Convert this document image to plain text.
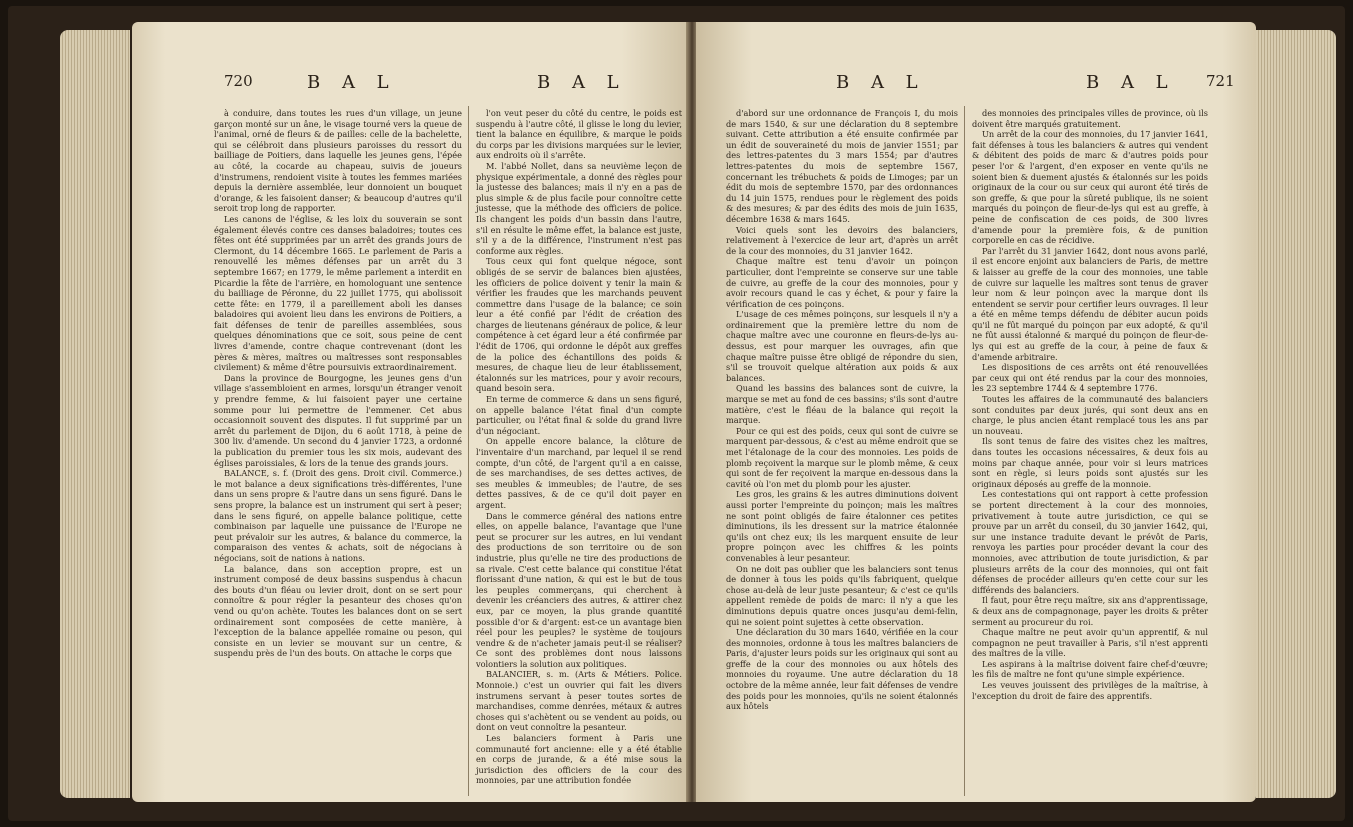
720	B A L	B A L

à conduire, dans toutes les rues d'un village, un jeune garçon monté sur un âne, le visage tourné vers la queue de l'animal, orné de fleurs & de pailles: celle de la bachelette, qui se célébroit dans plusieurs paroisses du ressort du bailliage de Poitiers, dans laquelle les jeunes gens, l'épée au côté, la cocarde au chapeau, suivis de joueurs d'instrumens, rendoient visite à toutes les femmes mariées depuis la dernière assemblée, leur donnoient un bouquet d'orange, & les faisoient danser; & beaucoup d'autres qu'il seroit trop long de rapporter.

Les canons de l'église, & les loix du souverain se sont également élevés contre ces danses baladoires; toutes ces fêtes ont été supprimées par un arrêt des grands jours de Clermont, du 14 décembre 1665. Le parlement de Paris a renouvellé les mêmes défenses par un arrêt du 3 septembre 1667; en 1779, le même parlement a interdit en Picardie la fête de l'arrière, en homologuant une sentence du bailliage de Péronne, du 22 juillet 1775, qui abolissoit cette fête: en 1779, il a pareillement aboli les danses baladoires qui avoient lieu dans les environs de Poitiers, a fait défenses de tenir de pareilles assemblées, sous quelques dénominations que ce soit, sous peine de cent livres d'amende, contre chaque contrevenant (dont les pères & mères, maîtres ou maîtresses sont responsables civilement) & même d'être poursuivis extraordinairement.

Dans la province de Bourgogne, les jeunes gens d'un village s'assembloient en armes, lorsqu'un étranger venoit y prendre femme, & lui faisoient payer une certaine somme pour lui permettre de l'emmener. Cet abus occasionnoit souvent des disputes. Il fut supprimé par un arrêt du parlement de Dijon, du 6 août 1718, à peine de 300 liv. d'amende. Un second du 4 janvier 1723, a ordonné la publication du premier tous les six mois, audevant des églises paroissiales, & lors de la tenue des grands jours.

BALANCE, s. f. (Droit des gens. Droit civil. Commerce.) le mot balance a deux significations très-différentes, l'une dans un sens propre & l'autre dans un sens figuré. Dans le sens propre, la balance est un instrument qui sert à peser; dans le sens figuré, on appelle balance politique, cette combinaison par laquelle une puissance de l'Europe ne peut prévaloir sur les autres, & balance du commerce, la comparaison des ventes & achats, soit de négocians à négocians, soit de nations à nations.

La balance, dans son acception propre, est un instrument composé de deux bassins suspendus à chacun des bouts d'un fléau ou levier droit, dont on se sert pour connoître & pour régler la pesanteur des choses qu'on vend ou qu'on achète. Toutes les balances dont on se sert ordinairement sont composées de cette manière, à l'exception de la balance appellée romaine ou peson, qui consiste en un levier se mouvant sur un centre, & suspendu près de l'un des bouts. On attache le corps que

l'on veut peser du côté du centre, le poids est suspendu à l'autre côté, il glisse le long du levier, tient la balance en équilibre, & marque le poids du corps par les divisions marquées sur le levier, aux endroits où il s'arrête.

M. l'abbé Nollet, dans sa neuvième leçon de physique expérimentale, a donné des règles pour la justesse des balances; mais il n'y en a pas de plus simple & de plus facile pour connoître cette justesse, que la méthode des officiers de police. Ils changent les poids d'un bassin dans l'autre, s'il en résulte le même effet, la balance est juste, s'il y a de la différence, l'instrument n'est pas conforme aux règles.

Tous ceux qui font quelque négoce, sont obligés de se servir de balances bien ajustées, les officiers de police doivent y tenir la main & vérifier les fraudes que les marchands peuvent commettre dans l'usage de la balance; ce soin leur a été confié par l'édit de création des charges de lieutenans généraux de police, & leur compétence à cet égard leur a été confirmée par l'édit de 1706, qui ordonne le dépôt aux greffes de la police des échantillons des poids & mesures, de chaque lieu de leur établissement, étalonnés sur les matrices, pour y avoir recours, quand besoin sera.

En terme de commerce & dans un sens figuré, on appelle balance l'état final d'un compte particulier, ou l'état final & solde du grand livre d'un négociant.

On appelle encore balance, la clôture de l'inventaire d'un marchand, par lequel il se rend compte, d'un côté, de l'argent qu'il a en caisse, de ses marchandises, de ses dettes actives, de ses meubles & immeubles; de l'autre, de ses dettes passives, & de ce qu'il doit payer en argent.

Dans le commerce général des nations entre elles, on appelle balance, l'avantage que l'une peut se procurer sur les autres, en lui vendant des productions de son territoire ou de son industrie, plus qu'elle ne tire des productions de sa rivale. C'est cette balance qui constitue l'état florissant d'une nation, & qui est le but de tous les peuples commerçans, qui cherchent à devenir les créanciers des autres, & attirer chez eux, par ce moyen, la plus grande quantité possible d'or & d'argent: est-ce un avantage bien réel pour les peuples? le système de toujours vendre & de n'acheter jamais peut-il se réaliser? Ce sont des problèmes dont nous laissons volontiers la solution aux politiques.

BALANCIER, s. m. (Arts & Métiers. Police. Monnoie.) c'est un ouvrier qui fait les divers instrumens servant à peser toutes sortes de marchandises, comme denrées, métaux & autres choses qui s'achètent ou se vendent au poids, ou dont on veut connoître la pesanteur.

Les balanciers forment à Paris une communauté fort ancienne: elle y a été établie en corps de jurande, & a été mise sous la jurisdiction des officiers de la cour des monnoies, par une attribution fondée

B A L	B A L 721

d'abord sur une ordonnance de François I, du mois de mars 1540, & sur une déclaration du 8 septembre suivant. Cette attribution a été ensuite confirmée par un édit de souveraineté du mois de janvier 1551; par des lettres-patentes du 3 mars 1554; par d'autres lettres-patentes du mois de septembre 1567, concernant les trébuchets & poids de Limoges; par un édit du mois de septembre 1570, par des ordonnances du 14 juin 1575, rendues pour le règlement des poids & des mesures; & par des édits des mois de juin 1635, décembre 1638 & mars 1645.

Voici quels sont les devoirs des balanciers, relativement à l'exercice de leur art, d'après un arrêt de la cour des monnoies, du 31 janvier 1642.

Chaque maître est tenu d'avoir un poinçon particulier, dont l'empreinte se conserve sur une table de cuivre, au greffe de la cour des monnoies, pour y avoir recours quand le cas y échet, & pour y faire la vérification de ces poinçons.

L'usage de ces mêmes poinçons, sur lesquels il n'y a ordinairement que la première lettre du nom de chaque maître avec une couronne en fleurs-de-lys au-dessus, est pour marquer les ouvrages, afin que chaque maître puisse être obligé de répondre du sien, s'il se trouvoit quelque altération aux poids & aux balances.

Quand les bassins des balances sont de cuivre, la marque se met au fond de ces bassins; s'ils sont d'autre matière, c'est le fléau de la balance qui reçoit la marque.

Pour ce qui est des poids, ceux qui sont de cuivre se marquent par-dessous, & c'est au même endroit que se met l'étalonage de la cour des monnoies. Les poids de plomb reçoivent la marque sur le plomb même, & ceux qui sont de fer reçoivent la marque en-dessous dans la cavité où l'on met du plomb pour les ajuster.

Les gros, les grains & les autres diminutions doivent aussi porter l'empreinte du poinçon; mais les maîtres ne sont point obligés de faire étalonner ces petites diminutions, ils les dressent sur la matrice étalonnée qu'ils ont chez eux; ils les marquent ensuite de leur propre poinçon avec les chiffres & les points convenables à leur pesanteur.

On ne doit pas oublier que les balanciers sont tenus de donner à tous les poids qu'ils fabriquent, quelque chose au-delà de leur juste pesanteur; & c'est ce qu'ils appellent remède de poids de marc: il n'y a que les diminutions depuis quatre onces jusqu'au demi-felin, qui ne soient point sujettes à cette observation.

Une déclaration du 30 mars 1640, vérifiée en la cour des monnoies, ordonne à tous les maîtres balanciers de Paris, d'ajuster leurs poids sur les originaux qui sont au greffe de la cour des monnoies ou aux hôtels des monnoies du royaume. Une autre déclaration du 18 octobre de la même année, leur fait défenses de vendre des poids pour les monnoies, qu'ils ne soient étalonnés aux hôtels

des monnoies des principales villes de province, où ils doivent être marqués gratuitement.

Un arrêt de la cour des monnoies, du 17 janvier 1641, fait défenses à tous les balanciers & autres qui vendent & débitent des poids de marc & d'autres poids pour peser l'or & l'argent, d'en exposer en vente qu'ils ne soient bien & duement ajustés & étalonnés sur les poids originaux de la cour ou sur ceux qui auront été tirés de son greffe, & que pour la sûreté publique, ils ne soient marqués du poinçon de fleur-de-lys qui est au greffe, à peine de confiscation de ces poids, de 300 livres d'amende pour la première fois, & de punition corporelle en cas de récidive.

Par l'arrêt du 31 janvier 1642, dont nous avons parlé, il est encore enjoint aux balanciers de Paris, de mettre & laisser au greffe de la cour des monnoies, une table de cuivre sur laquelle les maîtres sont tenus de graver leur nom & leur poinçon avec la marque dont ils entendent se servir pour certifier leurs ouvrages. Il leur a été en même temps défendu de débiter aucun poids qu'il ne fût marqué du poinçon par eux adopté, & qu'il ne fût aussi étalonné & marqué du poinçon de fleur-de-lys qui est au greffe de la cour, à peine de faux & d'amende arbitraire.

Les dispositions de ces arrêts ont été renouvellées par ceux qui ont été rendus par la cour des monnoies, les 23 septembre 1744 & 4 septembre 1776.

Toutes les affaires de la communauté des balanciers sont conduites par deux jurés, qui sont deux ans en charge, le plus ancien étant remplacé tous les ans par un nouveau.

Ils sont tenus de faire des visites chez les maîtres, dans toutes les occasions nécessaires, & deux fois au moins par chaque année, pour voir si leurs matrices sont en règle, si leurs poids sont ajustés sur les originaux déposés au greffe de la monnoie.

Les contestations qui ont rapport à cette profession se portent directement à la cour des monnoies, privativement à toute autre jurisdiction, ce qui se prouve par un arrêt du conseil, du 30 janvier 1642, qui, sur une instance traduite devant le prévôt de Paris, renvoya les parties pour procéder devant la cour des monnoies, avec attribution de toute jurisdiction, & par plusieurs arrêts de la cour des monnoies, qui ont fait défenses de procéder ailleurs qu'en cette cour sur les différends des balanciers.

Il faut, pour être reçu maître, six ans d'apprentissage, & deux ans de compagnonage, payer les droits & prêter serment au procureur du roi.

Chaque maître ne peut avoir qu'un apprentif, & nul compagnon ne peut travailler à Paris, s'il n'est apprenti des maîtres de la ville.

Les aspirans à la maîtrise doivent faire chef-d'œuvre; les fils de maître ne font qu'une simple expérience.

Les veuves jouissent des privilèges de la maîtrise, à l'exception du droit de faire des apprentifs.
